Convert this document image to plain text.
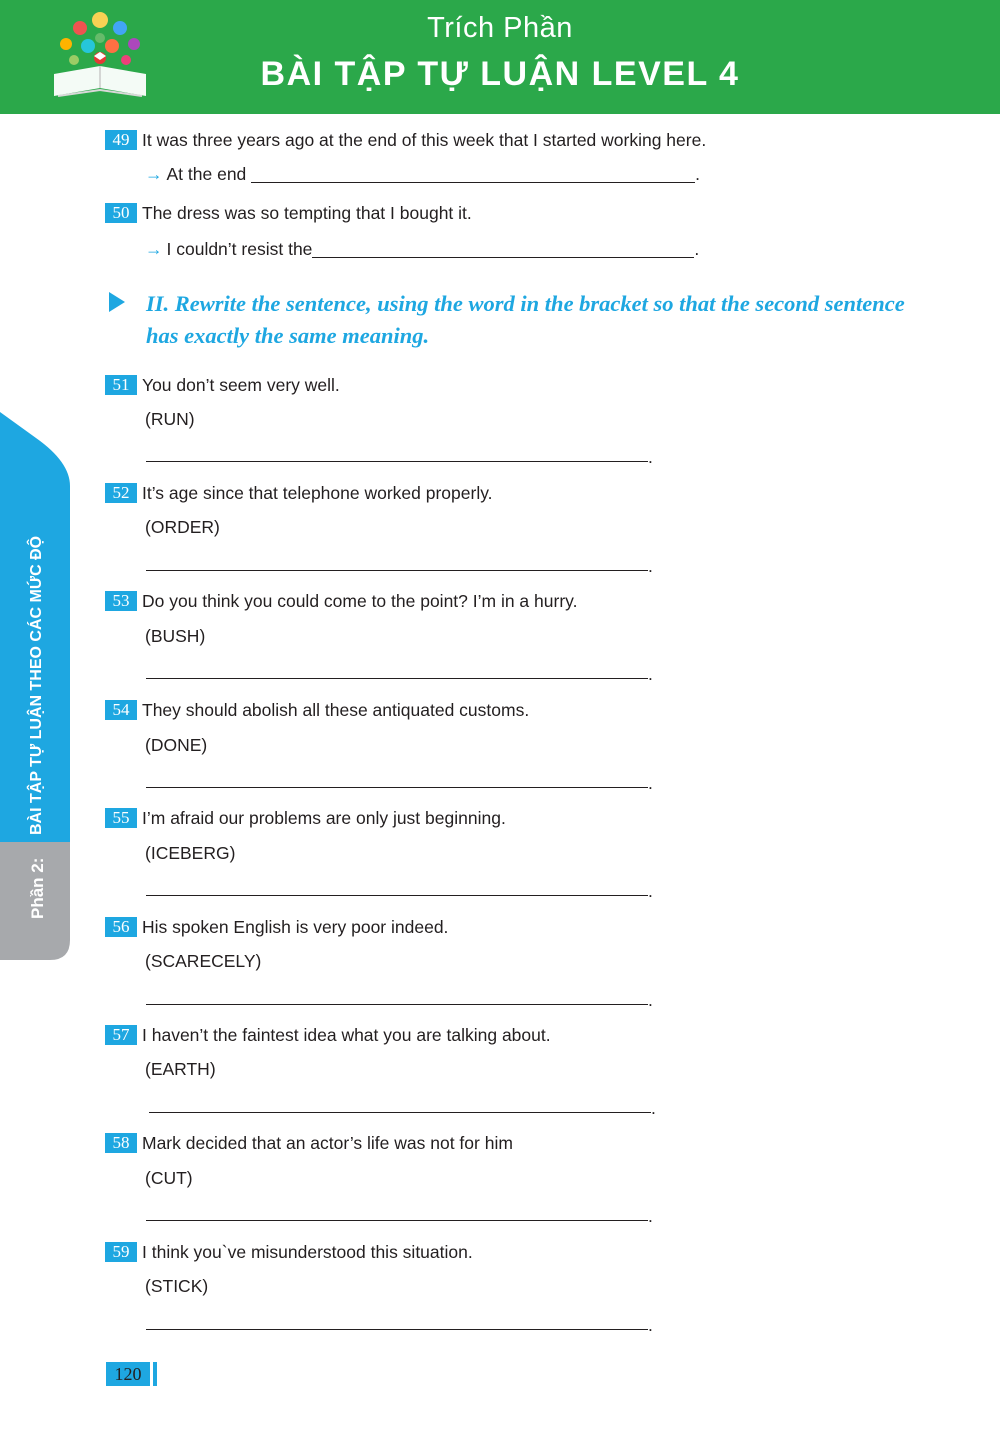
Trích Phần
BÀI TẬP TỰ LUẬN LEVEL 4
BÀI TẬP TỰ LUẬN THEO CÁC MỨC ĐỘ
Phần 2:
49 It was three years ago at the end of this week that I started working here.
→ At the end	.
50 The dress was so tempting that I bought it.
→ I couldn’t resist the	.
II. Rewrite the sentence, using the word in the bracket so that the second sentence has exactly the same meaning.
51 You don’t seem very well.
(RUN)
.
52 It’s age since that telephone worked properly.
(ORDER)
.
53 Do you think you could come to the point? I’m in a hurry.
(BUSH)
.
54 They should abolish all these antiquated customs.
(DONE)
.
55 I’m afraid our problems are only just beginning.
(ICEBERG)
.
56 His spoken English is very poor indeed.
(SCARECELY)
.
57 I haven’t the faintest idea what you are talking about.
(EARTH)
.
58 Mark decided that an actor’s life was not for him
(CUT)
.
59 I think you`ve misunderstood this situation.
(STICK)
.
120
